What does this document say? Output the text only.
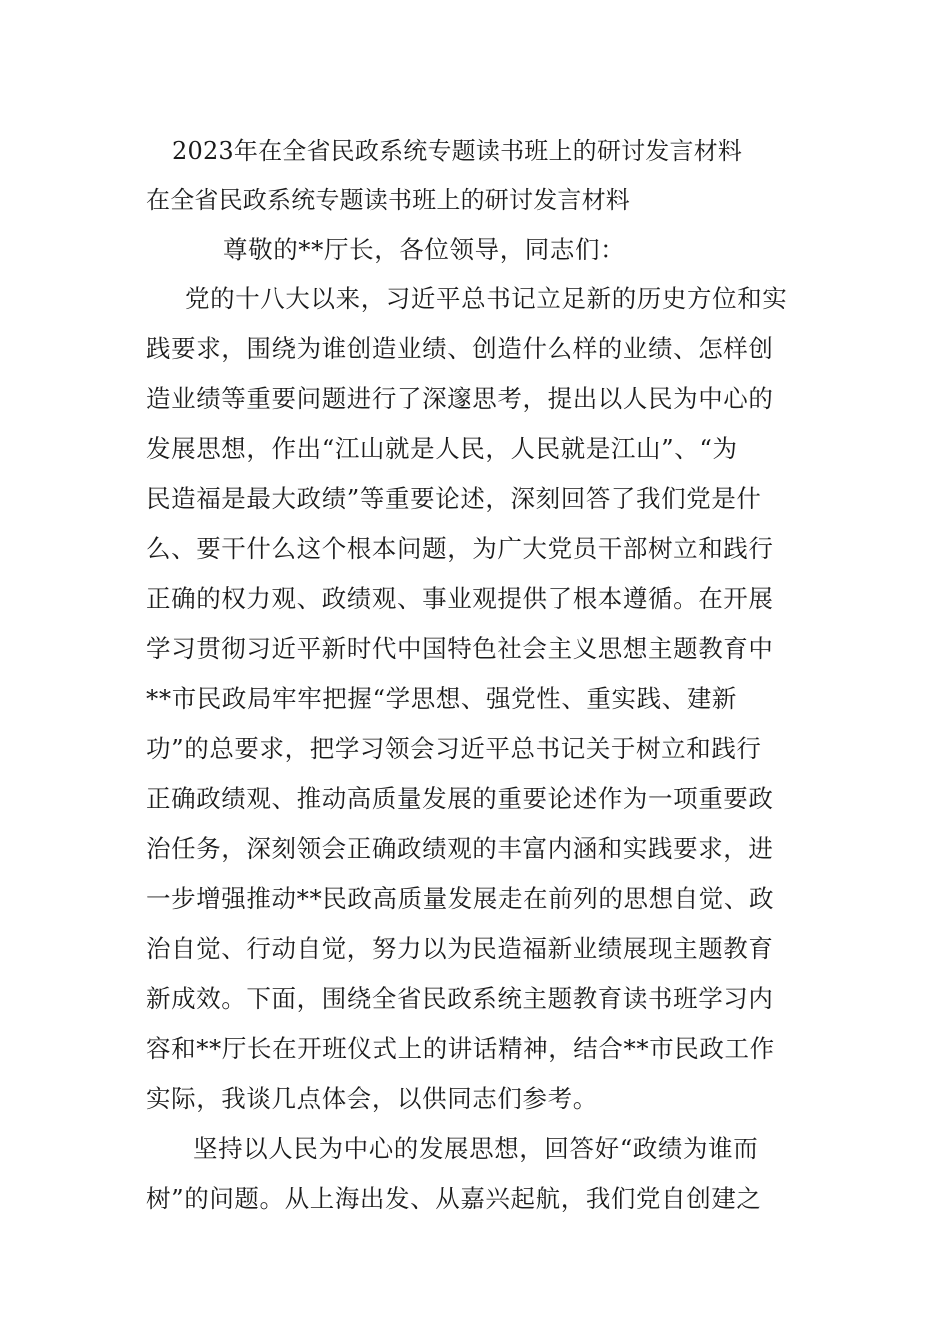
2023年在全省民政系统专题读书班上的研讨发言材料
在全省民政系统专题读书班上的研讨发言材料
尊敬的**厅长，各位领导，同志们：
党的十八大以来，习近平总书记立足新的历史方位和实
践要求，围绕为谁创造业绩、创造什么样的业绩、怎样创
造业绩等重要问题进行了深邃思考，提出以人民为中心的
发展思想，作出“江山就是人民，人民就是江山”、“为
民造福是最大政绩”等重要论述，深刻回答了我们党是什
么、要干什么这个根本问题，为广大党员干部树立和践行
正确的权力观、政绩观、事业观提供了根本遵循。在开展
学习贯彻习近平新时代中国特色社会主义思想主题教育中
**市民政局牢牢把握“学思想、强党性、重实践、建新
功”的总要求，把学习领会习近平总书记关于树立和践行
正确政绩观、推动高质量发展的重要论述作为一项重要政
治任务，深刻领会正确政绩观的丰富内涵和实践要求，进
一步增强推动**民政高质量发展走在前列的思想自觉、政
治自觉、行动自觉，努力以为民造福新业绩展现主题教育
新成效。下面，围绕全省民政系统主题教育读书班学习内
容和**厅长在开班仪式上的讲话精神，结合**市民政工作
实际，我谈几点体会，以供同志们参考。
坚持以人民为中心的发展思想，回答好“政绩为谁而
树”的问题。从上海出发、从嘉兴起航，我们党自创建之
